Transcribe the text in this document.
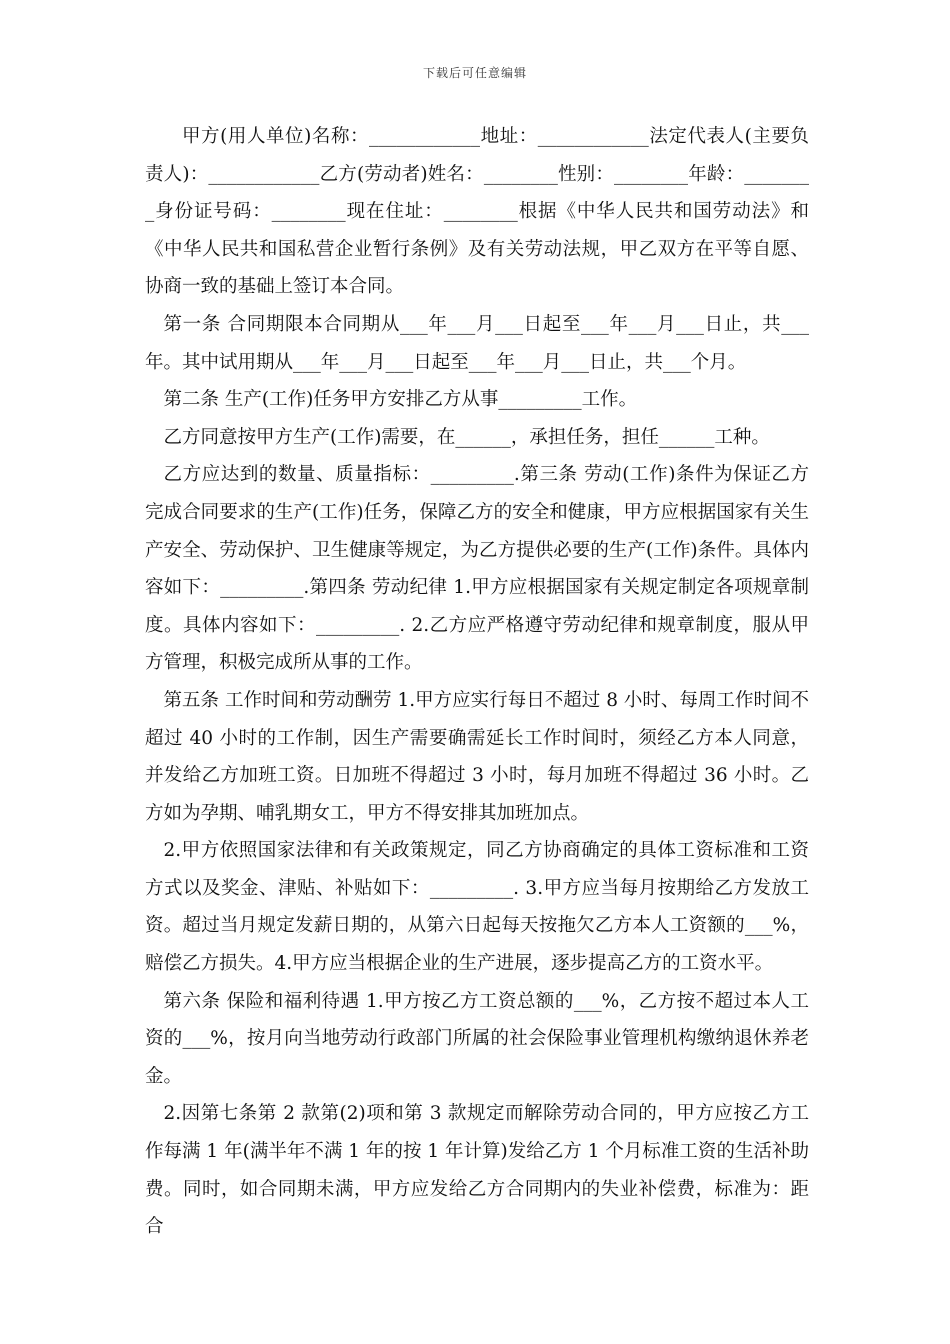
下载后可任意编辑

甲方(用人单位)名称：____________地址：____________法定代表人(主要负责人)：____________乙方(劳动者)姓名：________性别：________年龄：________身份证号码：________现在住址：________根据《中华人民共和国劳动法》和《中华人民共和国私营企业暂行条例》及有关劳动法规，甲乙双方在平等自愿、协商一致的基础上签订本合同。

第一条 合同期限本合同期从___年___月___日起至___年___月___日止，共___年。其中试用期从___年___月___日起至___年___月___日止，共___个月。

第二条 生产(工作)任务甲方安排乙方从事_________工作。

乙方同意按甲方生产(工作)需要，在______，承担任务，担任______工种。

乙方应达到的数量、质量指标：_________.第三条 劳动(工作)条件为保证乙方完成合同要求的生产(工作)任务，保障乙方的安全和健康，甲方应根据国家有关生产安全、劳动保护、卫生健康等规定，为乙方提供必要的生产(工作)条件。具体内容如下：_________.第四条 劳动纪律 1.甲方应根据国家有关规定制定各项规章制度。具体内容如下：_________. 2.乙方应严格遵守劳动纪律和规章制度，服从甲方管理，积极完成所从事的工作。

第五条 工作时间和劳动酬劳 1.甲方应实行每日不超过 8 小时、每周工作时间不超过 40 小时的工作制，因生产需要确需延长工作时间时，须经乙方本人同意，并发给乙方加班工资。日加班不得超过 3 小时，每月加班不得超过 36 小时。乙方如为孕期、哺乳期女工，甲方不得安排其加班加点。

2.甲方依照国家法律和有关政策规定，同乙方协商确定的具体工资标准和工资方式以及奖金、津贴、补贴如下：_________. 3.甲方应当每月按期给乙方发放工资。超过当月规定发薪日期的，从第六日起每天按拖欠乙方本人工资额的___%，赔偿乙方损失。4.甲方应当根据企业的生产进展，逐步提高乙方的工资水平。

第六条 保险和福利待遇 1.甲方按乙方工资总额的___%，乙方按不超过本人工资的___%，按月向当地劳动行政部门所属的社会保险事业管理机构缴纳退休养老金。

2.因第七条第 2 款第(2)项和第 3 款规定而解除劳动合同的，甲方应按乙方工作每满 1 年(满半年不满 1 年的按 1 年计算)发给乙方 1 个月标准工资的生活补助费。同时，如合同期未满，甲方应发给乙方合同期内的失业补偿费，标准为：距合
